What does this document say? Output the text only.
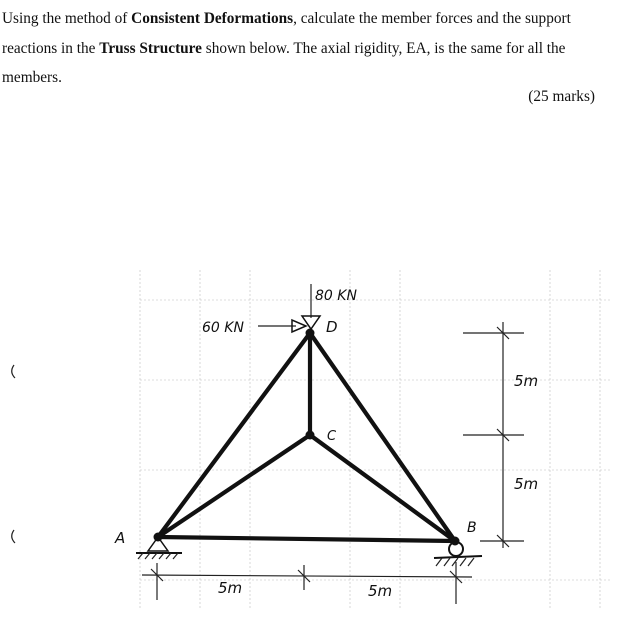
Using the method of Consistent Deformations, calculate the member forces and the support reactions in the Truss Structure shown below. The axial rigidity, EA, is the same for all the members.
(25 marks)
80 KN
60 KN
A
B
C
D
5m
5m
5m	5m
